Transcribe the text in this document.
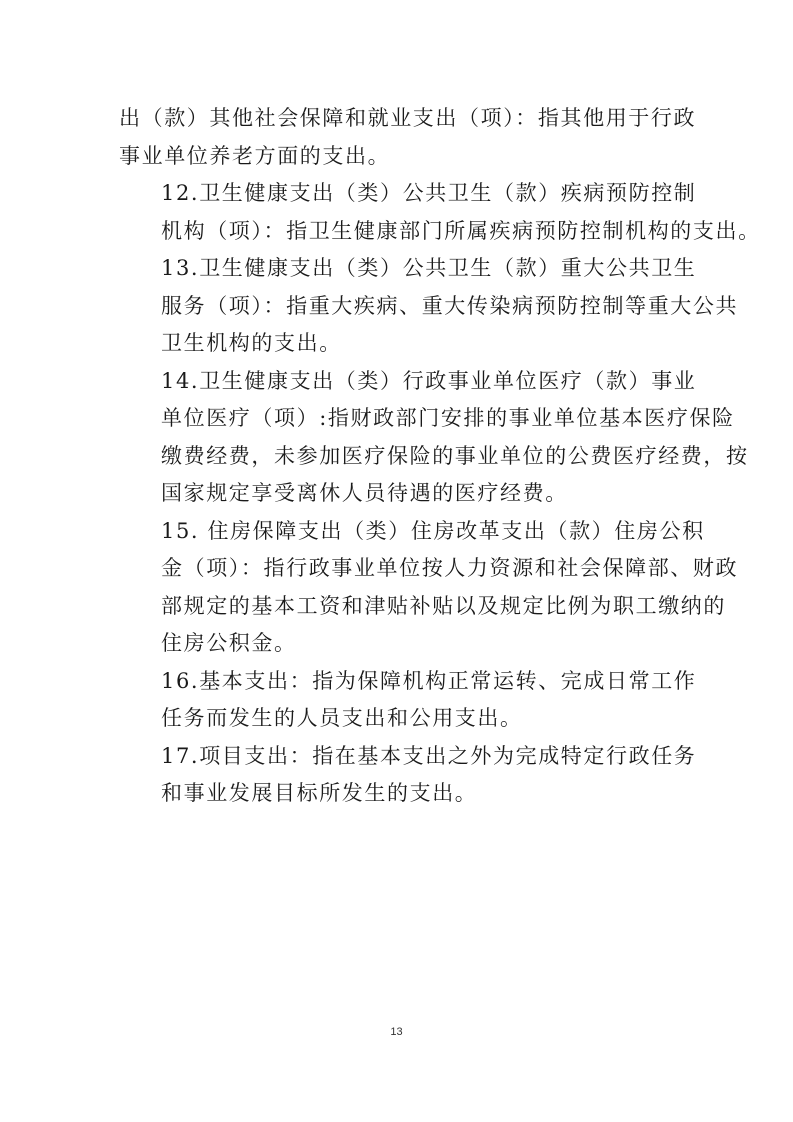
出（款）其他社会保障和就业支出（项）：指其他用于行政
事业单位养老方面的支出。

12.卫生健康支出（类）公共卫生（款）疾病预防控制
机构（项）：指卫生健康部门所属疾病预防控制机构的支出。

13.卫生健康支出（类）公共卫生（款）重大公共卫生
服务（项）：指重大疾病、重大传染病预防控制等重大公共
卫生机构的支出。

14.卫生健康支出（类）行政事业单位医疗（款）事业
单位医疗（项）:指财政部门安排的事业单位基本医疗保险
缴费经费，未参加医疗保险的事业单位的公费医疗经费，按
国家规定享受离休人员待遇的医疗经费。

15. 住房保障支出（类）住房改革支出（款）住房公积
金（项）：指行政事业单位按人力资源和社会保障部、财政
部规定的基本工资和津贴补贴以及规定比例为职工缴纳的
住房公积金。

16.基本支出：指为保障机构正常运转、完成日常工作
任务而发生的人员支出和公用支出。

17.项目支出：指在基本支出之外为完成特定行政任务
和事业发展目标所发生的支出。

13
